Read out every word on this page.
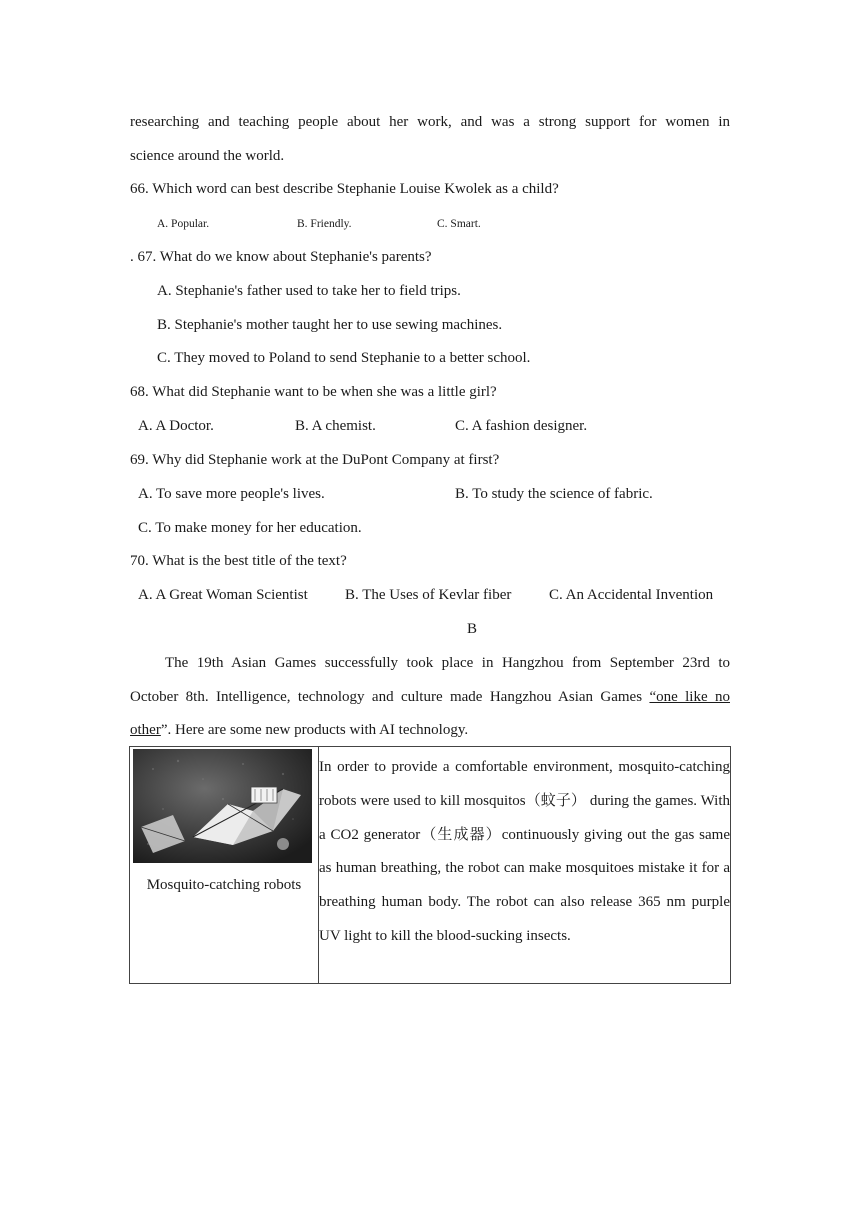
researching and teaching people about her work, and was a strong support for women in
science around the world.
66. Which word can best describe Stephanie Louise Kwolek as a child?
A. Popular.	B. Friendly.	C. Smart.
. 67. What do we know about Stephanie's parents?
A. Stephanie's father used to take her to field trips.
B. Stephanie's mother taught her to use sewing machines.
C. They moved to Poland to send Stephanie to a better school.
68. What did Stephanie want to be when she was a little girl?
A. A Doctor.	B. A chemist.	C. A fashion designer.
69. Why did Stephanie work at the DuPont Company at first?
A. To save more people's lives.	B. To study the science of fabric.
C. To make money for her education.
70. What is the best title of the text?
A. A Great Woman Scientist B. The Uses of Kevlar fiber	C. An Accidental Invention
B
The 19th Asian Games successfully took place in Hangzhou from September 23rd to
October 8th. Intelligence, technology and culture made Hangzhou Asian Games “one like no
other”. Here are some new products with AI technology.
Mosquito-catching robots

In order to provide a comfortable environment, mosquito-catching robots were used to kill mosquitos（蚊子） during the games. With a CO2 generator（生成器）continuously giving out the gas same as human breathing, the robot can make mosquitoes mistake it for a breathing human body. The robot can also release 365 nm purple UV light to kill the blood-sucking insects.
